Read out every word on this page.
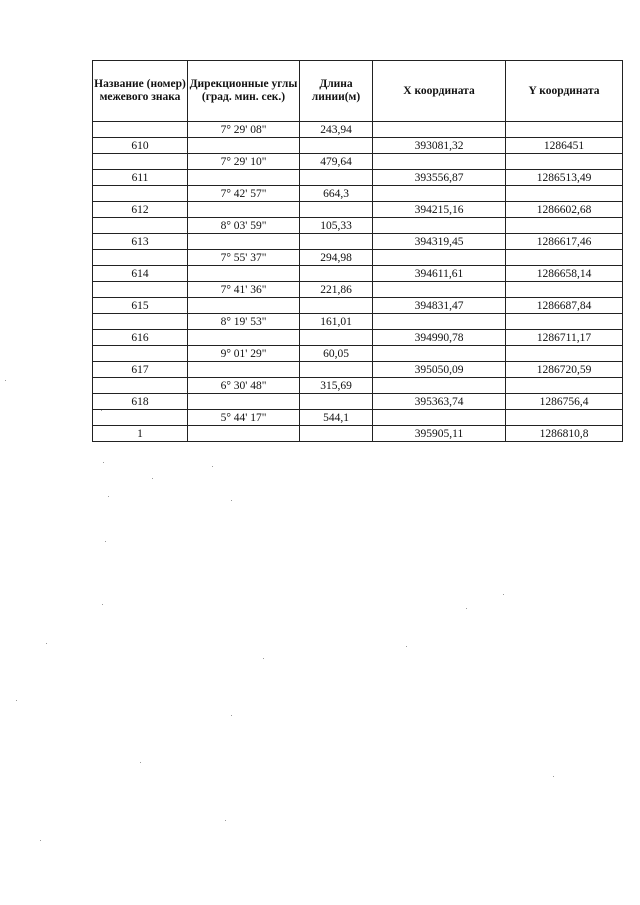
Название (номер) межевого знака	Дирекционные углы (град. мин. сек.)	Длина линии(м)	X координата	Y координата
	7° 29' 08"	243,94		
610			393081,32	1286451
	7° 29' 10"	479,64		
611			393556,87	1286513,49
	7° 42' 57"	664,3		
612			394215,16	1286602,68
	8° 03' 59"	105,33		
613			394319,45	1286617,46
	7° 55' 37"	294,98		
614			394611,61	1286658,14
	7° 41' 36"	221,86		
615			394831,47	1286687,84
	8° 19' 53"	161,01		
616			394990,78	1286711,17
	9° 01' 29"	60,05		
617			395050,09	1286720,59
	6° 30' 48"	315,69		
618			395363,74	1286756,4
	5° 44' 17"	544,1		
1			395905,11	1286810,8
